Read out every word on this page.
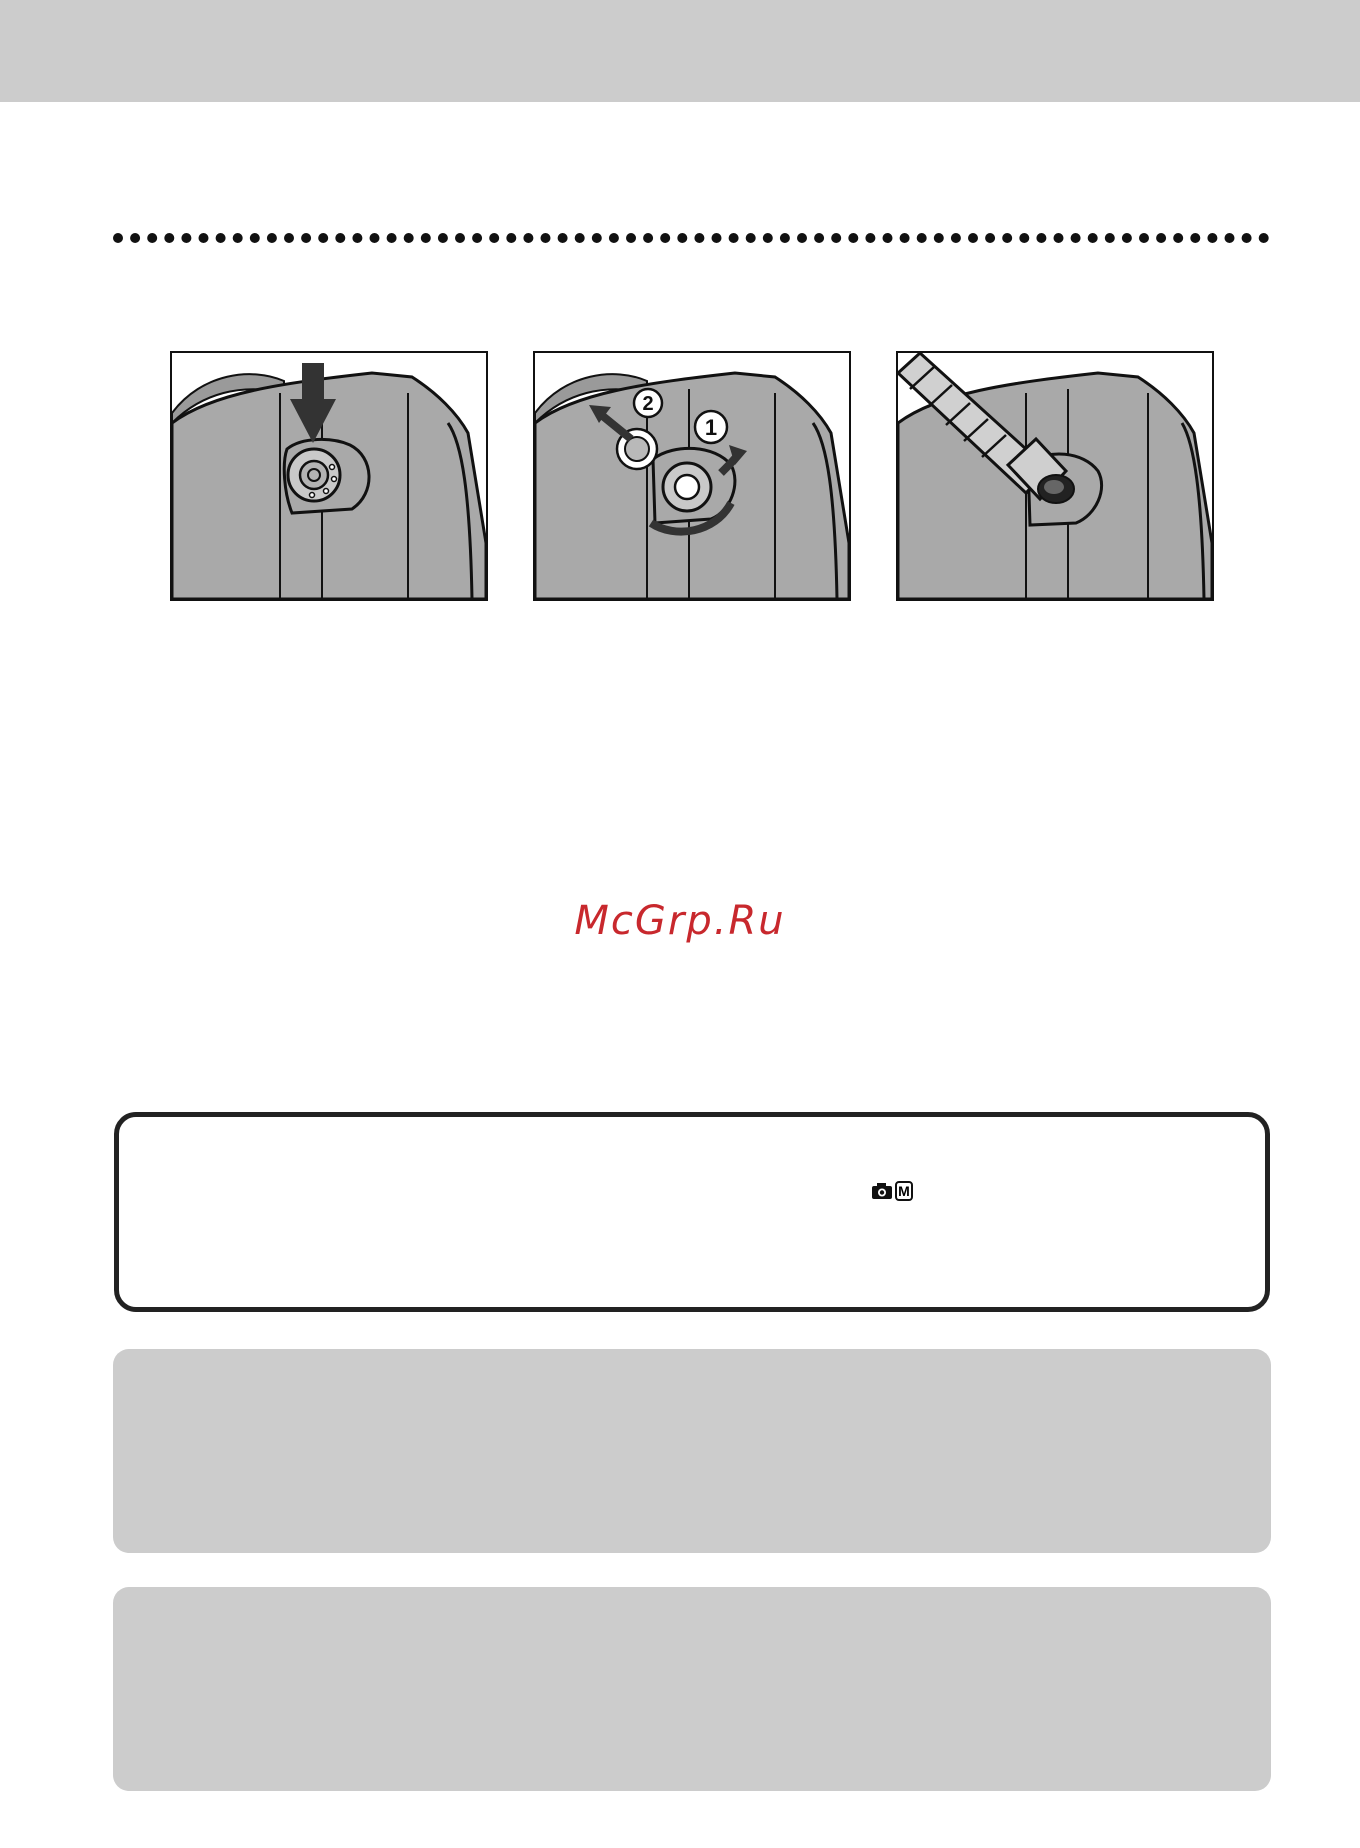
2
1
McGrp.Ru
M
